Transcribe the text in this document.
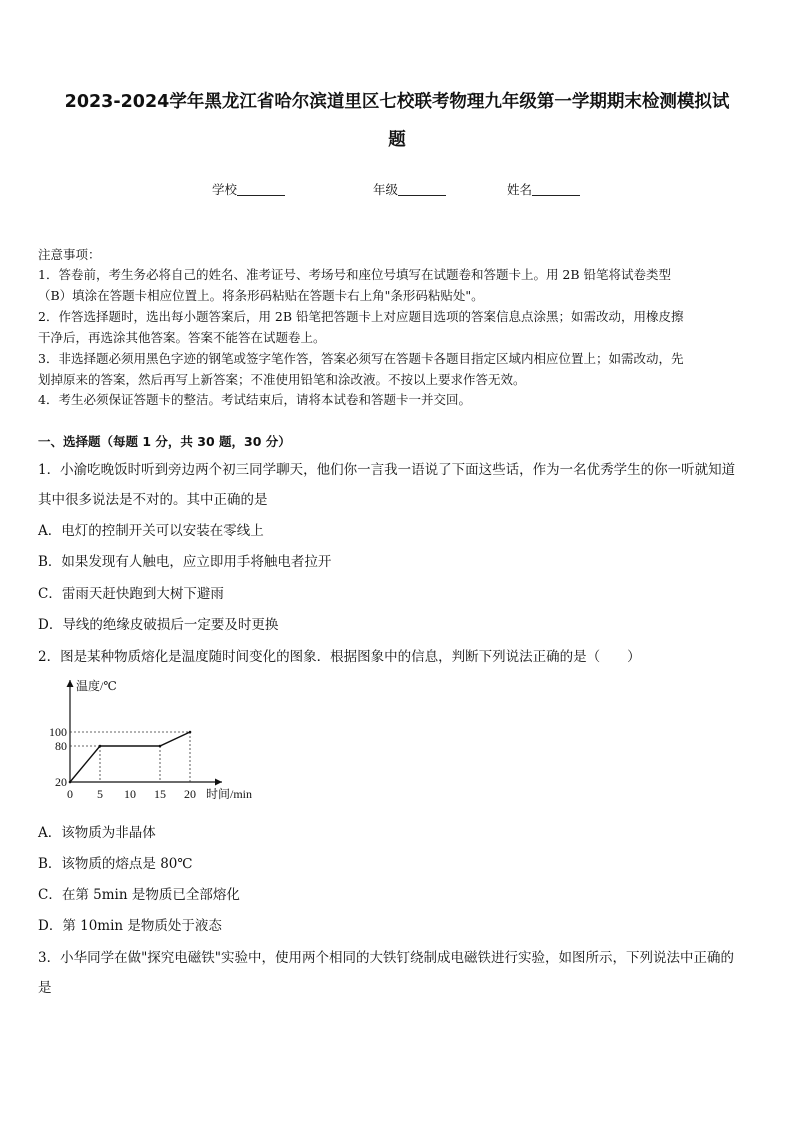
2023-2024学年黑龙江省哈尔滨道里区七校联考物理九年级第一学期期末检测模拟试
题
学校	年级	姓名
注意事项：
1．答卷前，考生务必将自己的姓名、准考证号、考场号和座位号填写在试题卷和答题卡上。用 2B 铅笔将试卷类型
（B）填涂在答题卡相应位置上。将条形码粘贴在答题卡右上角"条形码粘贴处"。
2．作答选择题时，选出每小题答案后，用 2B 铅笔把答题卡上对应题目选项的答案信息点涂黑；如需改动，用橡皮擦
干净后，再选涂其他答案。答案不能答在试题卷上。
3．非选择题必须用黑色字迹的钢笔或签字笔作答，答案必须写在答题卡各题目指定区域内相应位置上；如需改动，先
划掉原来的答案，然后再写上新答案；不准使用铅笔和涂改液。不按以上要求作答无效。
4．考生必须保证答题卡的整洁。考试结束后，请将本试卷和答题卡一并交回。
一、选择题（每题 1 分，共 30 题，30 分）
1．小渝吃晚饭时听到旁边两个初三同学聊天，他们你一言我一语说了下面这些话，作为一名优秀学生的你一听就知道
其中很多说法是不对的。其中正确的是
A．电灯的控制开关可以安装在零线上
B．如果发现有人触电，应立即用手将触电者拉开
C．雷雨天赶快跑到大树下避雨
D．导线的绝缘皮破损后一定要及时更换
2．图是某种物质熔化是温度随时间变化的图象．根据图象中的信息，判断下列说法正确的是（　　）
0 5 10 15 20
20
80
100
温度/℃
时间/min
A．该物质为非晶体
B．该物质的熔点是 80℃
C．在第 5min 是物质已全部熔化
D．第 10min 是物质处于液态
3．小华同学在做"探究电磁铁"实验中，使用两个相同的大铁钉绕制成电磁铁进行实验，如图所示，下列说法中正确的
是
